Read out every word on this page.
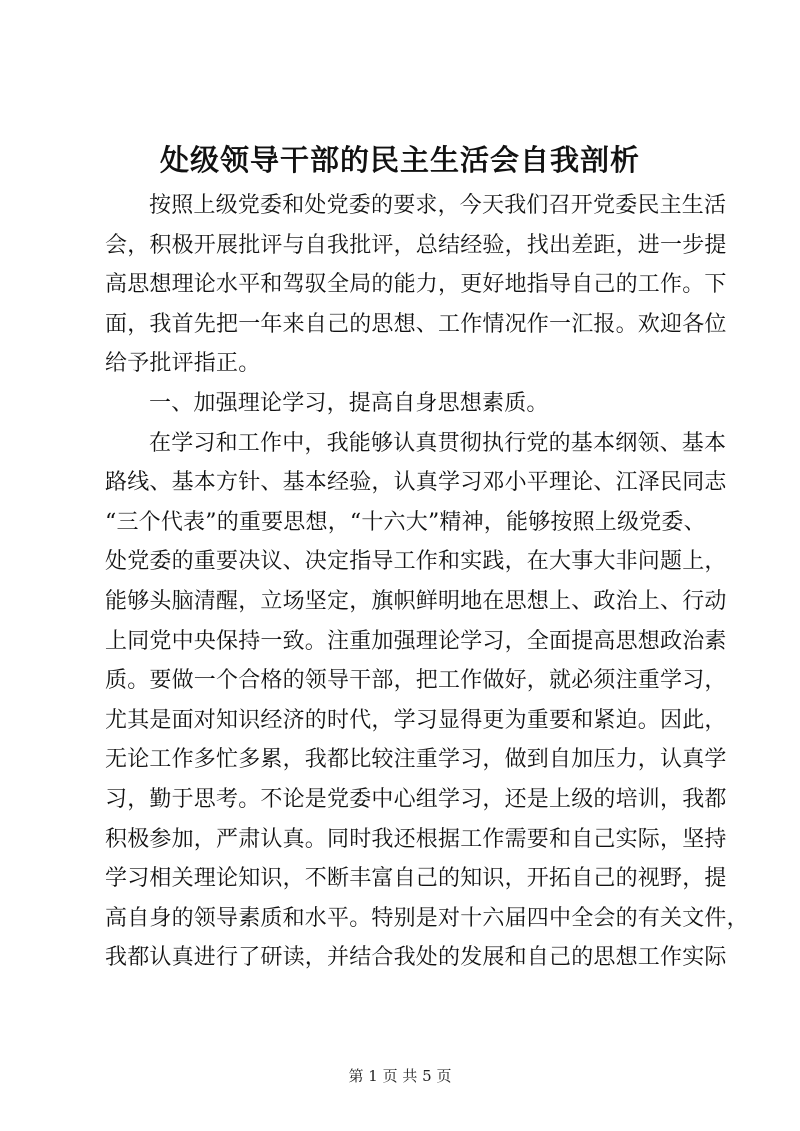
处级领导干部的民主生活会自我剖析
按照上级党委和处党委的要求，今天我们召开党委民主生活
会，积极开展批评与自我批评，总结经验，找出差距，进一步提
高思想理论水平和驾驭全局的能力，更好地指导自己的工作。下
面，我首先把一年来自己的思想、工作情况作一汇报。欢迎各位
给予批评指正。
一、加强理论学习，提高自身思想素质。
在学习和工作中，我能够认真贯彻执行党的基本纲领、基本
路线、基本方针、基本经验，认真学习邓小平理论、江泽民同志
“三个代表”的重要思想，“十六大”精神，能够按照上级党委、
处党委的重要决议、决定指导工作和实践，在大事大非问题上，
能够头脑清醒，立场坚定，旗帜鲜明地在思想上、政治上、行动
上同党中央保持一致。注重加强理论学习，全面提高思想政治素
质。要做一个合格的领导干部，把工作做好，就必须注重学习，
尤其是面对知识经济的时代，学习显得更为重要和紧迫。因此，
无论工作多忙多累，我都比较注重学习，做到自加压力，认真学
习，勤于思考。不论是党委中心组学习，还是上级的培训，我都
积极参加，严肃认真。同时我还根据工作需要和自己实际，坚持
学习相关理论知识，不断丰富自己的知识，开拓自己的视野，提
高自身的领导素质和水平。特别是对十六届四中全会的有关文件，
我都认真进行了研读，并结合我处的发展和自己的思想工作实际
第 1 页 共 5 页
